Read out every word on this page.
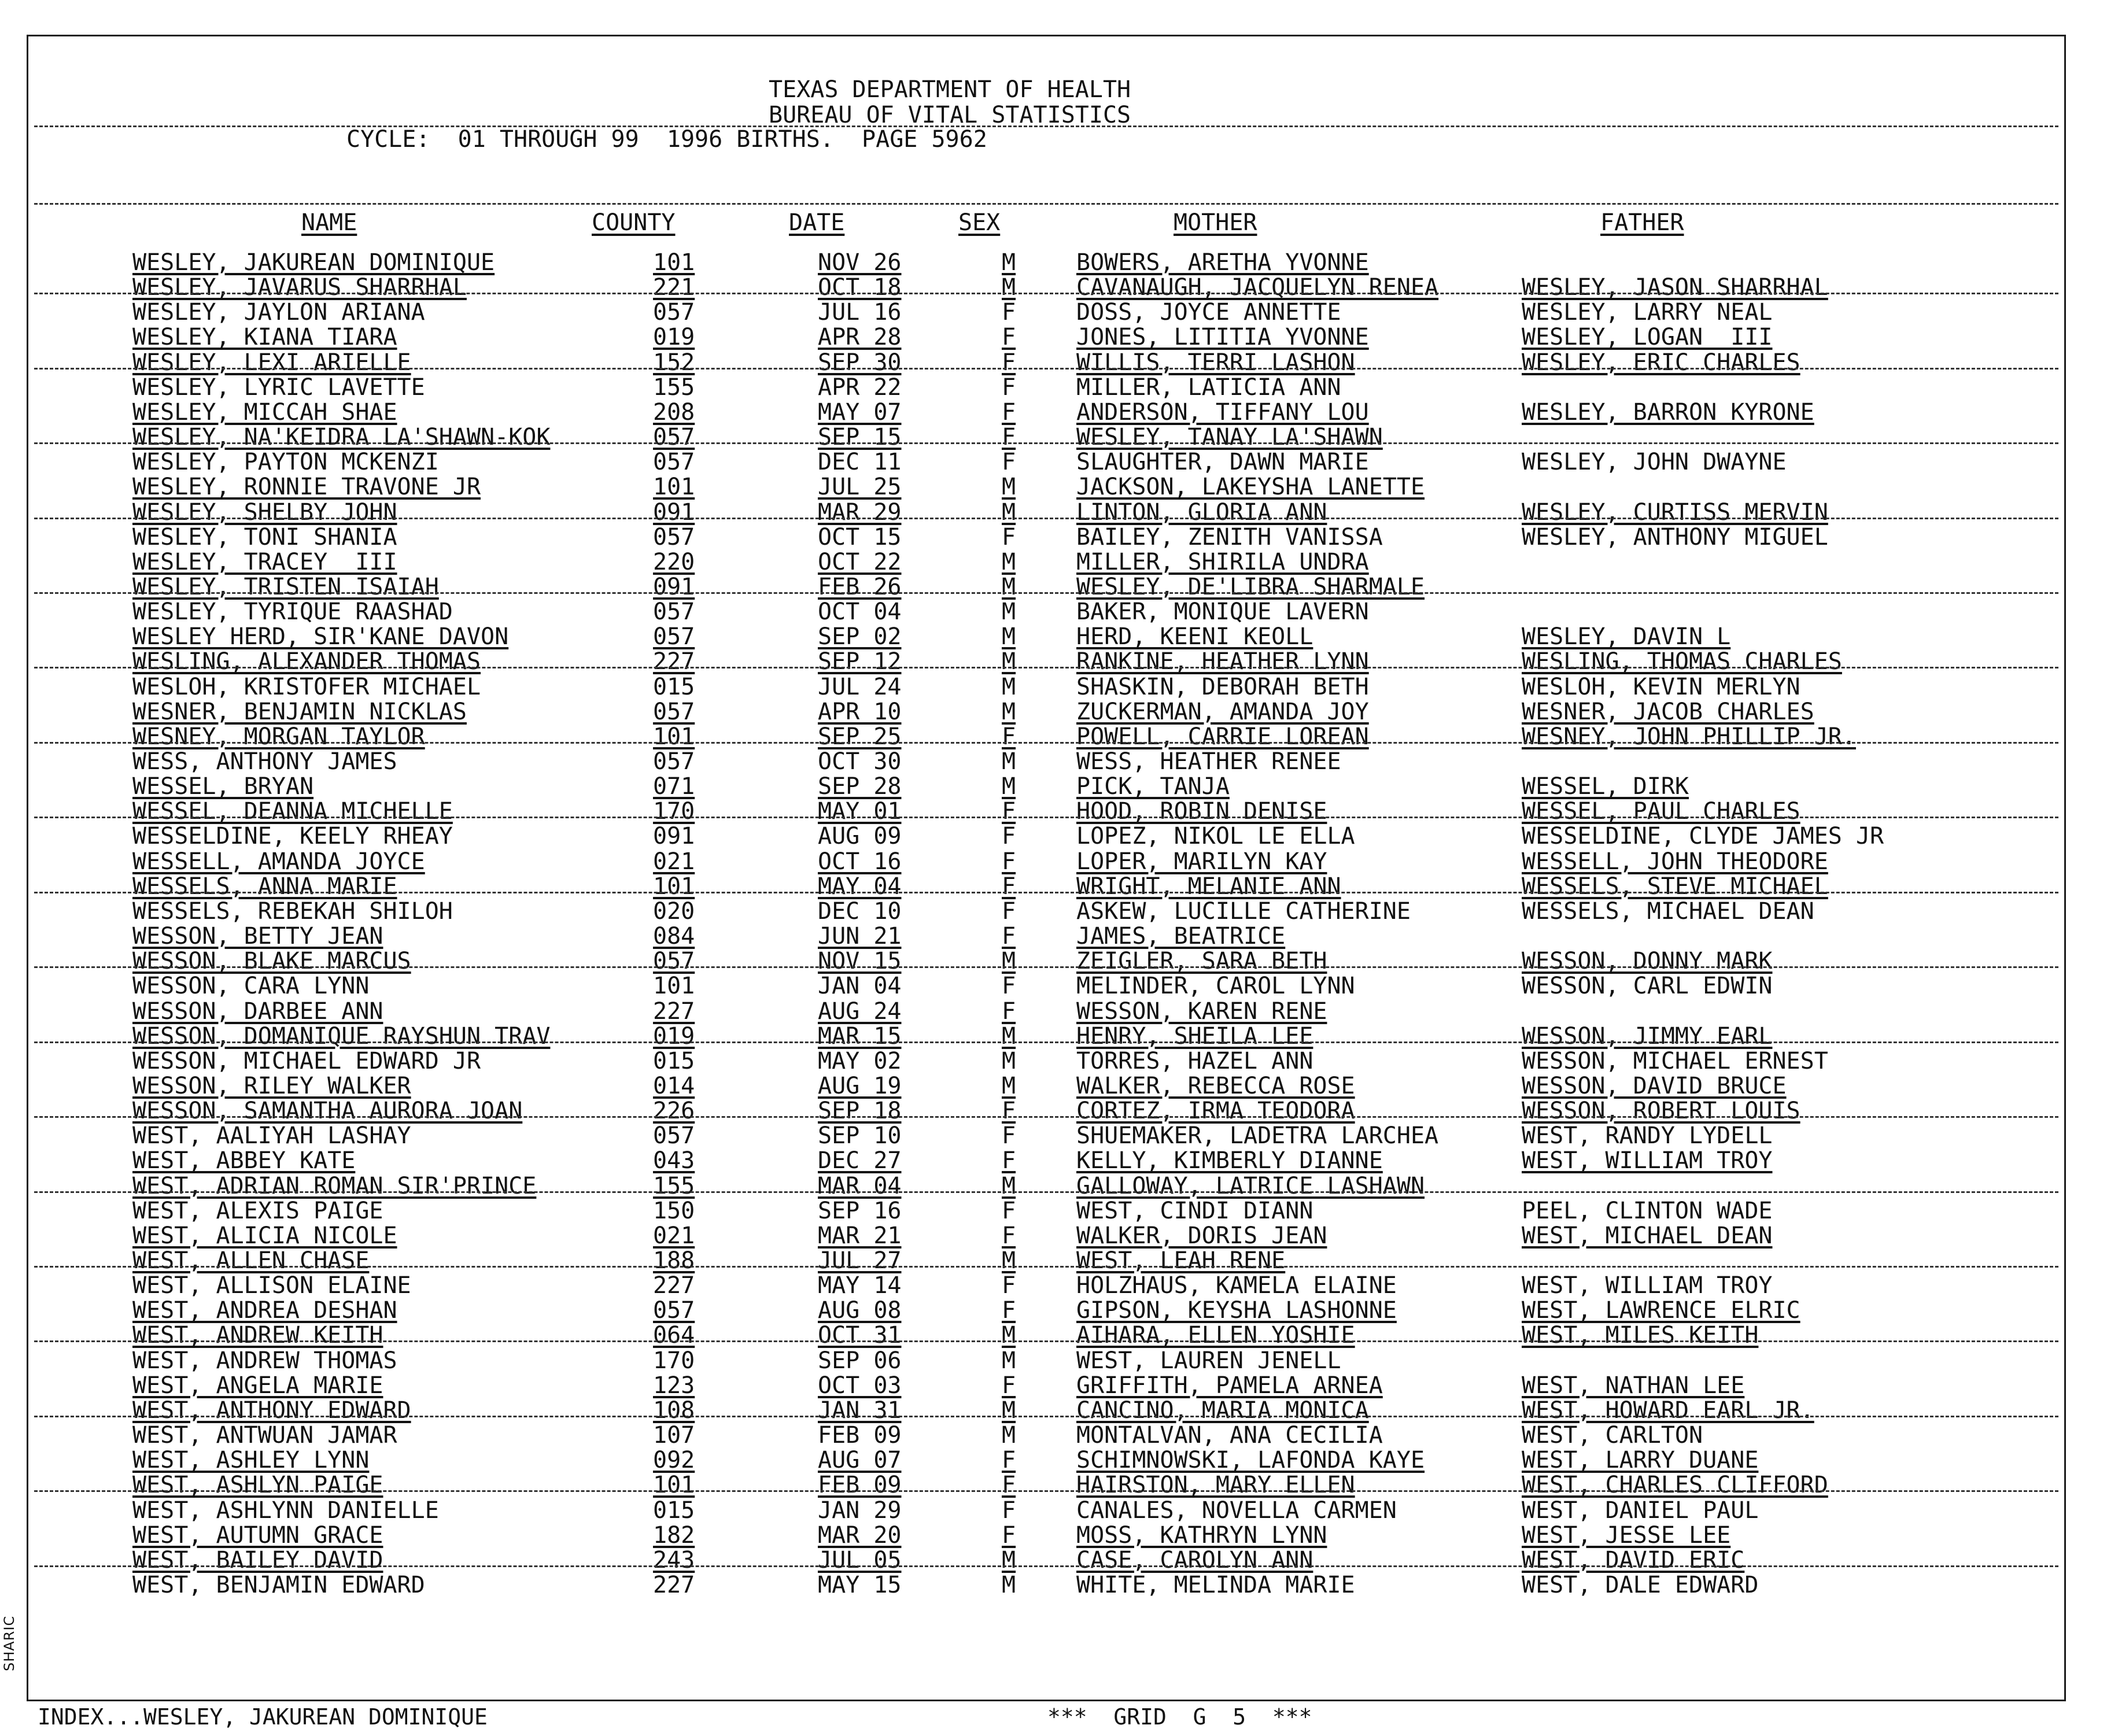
SHARIC
TEXAS DEPARTMENT OF HEALTH
BUREAU OF VITAL STATISTICS
CYCLE:  01 THROUGH 99  1996 BIRTHS.  PAGE 5962
NAME	COUNTY	DATE	SEX	MOTHER	FATHER
WESLEY, JAKUREAN DOMINIQUE	101	NOV 26	M	BOWERS, ARETHA YVONNE
WESLEY, JAVARUS SHARRHAL	221	OCT 18	M	CAVANAUGH, JACQUELYN RENEA	WESLEY, JASON SHARRHAL
WESLEY, JAYLON ARIANA	057	JUL 16	F	DOSS, JOYCE ANNETTE	WESLEY, LARRY NEAL
WESLEY, KIANA TIARA	019	APR 28	F	JONES, LITITIA YVONNE	WESLEY, LOGAN  III
WESLEY, LEXI ARIELLE	152	SEP 30	F	WILLIS, TERRI LASHON	WESLEY, ERIC CHARLES
WESLEY, LYRIC LAVETTE	155	APR 22	F	MILLER, LATICIA ANN
WESLEY, MICCAH SHAE	208	MAY 07	F	ANDERSON, TIFFANY LOU	WESLEY, BARRON KYRONE
WESLEY, NA'KEIDRA LA'SHAWN-KOK	057	SEP 15	F	WESLEY, TANAY LA'SHAWN
WESLEY, PAYTON MCKENZI	057	DEC 11	F	SLAUGHTER, DAWN MARIE	WESLEY, JOHN DWAYNE
WESLEY, RONNIE TRAVONE JR	101	JUL 25	M	JACKSON, LAKEYSHA LANETTE
WESLEY, SHELBY JOHN	091	MAR 29	M	LINTON, GLORIA ANN	WESLEY, CURTISS MERVIN
WESLEY, TONI SHANIA	057	OCT 15	F	BAILEY, ZENITH VANISSA	WESLEY, ANTHONY MIGUEL
WESLEY, TRACEY  III	220	OCT 22	M	MILLER, SHIRILA UNDRA
WESLEY, TRISTEN ISAIAH	091	FEB 26	M	WESLEY, DE'LIBRA SHARMALE
WESLEY, TYRIQUE RAASHAD	057	OCT 04	M	BAKER, MONIQUE LAVERN
WESLEY HERD, SIR'KANE DAVON	057	SEP 02	M	HERD, KEENI KEOLL	WESLEY, DAVIN L
WESLING, ALEXANDER THOMAS	227	SEP 12	M	RANKINE, HEATHER LYNN	WESLING, THOMAS CHARLES
WESLOH, KRISTOFER MICHAEL	015	JUL 24	M	SHASKIN, DEBORAH BETH	WESLOH, KEVIN MERLYN
WESNER, BENJAMIN NICKLAS	057	APR 10	M	ZUCKERMAN, AMANDA JOY	WESNER, JACOB CHARLES
WESNEY, MORGAN TAYLOR	101	SEP 25	F	POWELL, CARRIE LOREAN	WESNEY, JOHN PHILLIP JR.
WESS, ANTHONY JAMES	057	OCT 30	M	WESS, HEATHER RENEE
WESSEL, BRYAN	071	SEP 28	M	PICK, TANJA	WESSEL, DIRK
WESSEL, DEANNA MICHELLE	170	MAY 01	F	HOOD, ROBIN DENISE	WESSEL, PAUL CHARLES
WESSELDINE, KEELY RHEAY	091	AUG 09	F	LOPEZ, NIKOL LE ELLA	WESSELDINE, CLYDE JAMES JR
WESSELL, AMANDA JOYCE	021	OCT 16	F	LOPER, MARILYN KAY	WESSELL, JOHN THEODORE
WESSELS, ANNA MARIE	101	MAY 04	F	WRIGHT, MELANIE ANN	WESSELS, STEVE MICHAEL
WESSELS, REBEKAH SHILOH	020	DEC 10	F	ASKEW, LUCILLE CATHERINE	WESSELS, MICHAEL DEAN
WESSON, BETTY JEAN	084	JUN 21	F	JAMES, BEATRICE
WESSON, BLAKE MARCUS	057	NOV 15	M	ZEIGLER, SARA BETH	WESSON, DONNY MARK
WESSON, CARA LYNN	101	JAN 04	F	MELINDER, CAROL LYNN	WESSON, CARL EDWIN
WESSON, DARBEE ANN	227	AUG 24	F	WESSON, KAREN RENE
WESSON, DOMANIQUE RAYSHUN TRAV	019	MAR 15	M	HENRY, SHEILA LEE	WESSON, JIMMY EARL
WESSON, MICHAEL EDWARD JR	015	MAY 02	M	TORRES, HAZEL ANN	WESSON, MICHAEL ERNEST
WESSON, RILEY WALKER	014	AUG 19	M	WALKER, REBECCA ROSE	WESSON, DAVID BRUCE
WESSON, SAMANTHA AURORA JOAN	226	SEP 18	F	CORTEZ, IRMA TEODORA	WESSON, ROBERT LOUIS
WEST, AALIYAH LASHAY	057	SEP 10	F	SHUEMAKER, LADETRA LARCHEA	WEST, RANDY LYDELL
WEST, ABBEY KATE	043	DEC 27	F	KELLY, KIMBERLY DIANNE	WEST, WILLIAM TROY
WEST, ADRIAN ROMAN SIR'PRINCE	155	MAR 04	M	GALLOWAY, LATRICE LASHAWN
WEST, ALEXIS PAIGE	150	SEP 16	F	WEST, CINDI DIANN	PEEL, CLINTON WADE
WEST, ALICIA NICOLE	021	MAR 21	F	WALKER, DORIS JEAN	WEST, MICHAEL DEAN
WEST, ALLEN CHASE	188	JUL 27	M	WEST, LEAH RENE
WEST, ALLISON ELAINE	227	MAY 14	F	HOLZHAUS, KAMELA ELAINE	WEST, WILLIAM TROY
WEST, ANDREA DESHAN	057	AUG 08	F	GIPSON, KEYSHA LASHONNE	WEST, LAWRENCE ELRIC
WEST, ANDREW KEITH	064	OCT 31	M	AIHARA, ELLEN YOSHIE	WEST, MILES KEITH
WEST, ANDREW THOMAS	170	SEP 06	M	WEST, LAUREN JENELL
WEST, ANGELA MARIE	123	OCT 03	F	GRIFFITH, PAMELA ARNEA	WEST, NATHAN LEE
WEST, ANTHONY EDWARD	108	JAN 31	M	CANCINO, MARIA MONICA	WEST, HOWARD EARL JR.
WEST, ANTWUAN JAMAR	107	FEB 09	M	MONTALVAN, ANA CECILIA	WEST, CARLTON
WEST, ASHLEY LYNN	092	AUG 07	F	SCHIMNOWSKI, LAFONDA KAYE	WEST, LARRY DUANE
WEST, ASHLYN PAIGE	101	FEB 09	F	HAIRSTON, MARY ELLEN	WEST, CHARLES CLIFFORD
WEST, ASHLYNN DANIELLE	015	JAN 29	F	CANALES, NOVELLA CARMEN	WEST, DANIEL PAUL
WEST, AUTUMN GRACE	182	MAR 20	F	MOSS, KATHRYN LYNN	WEST, JESSE LEE
WEST, BAILEY DAVID	243	JUL 05	M	CASE, CAROLYN ANN	WEST, DAVID ERIC
WEST, BENJAMIN EDWARD	227	MAY 15	M	WHITE, MELINDA MARIE	WEST, DALE EDWARD
INDEX...WESLEY, JAKUREAN DOMINIQUE	***  GRID  G  5  ***
